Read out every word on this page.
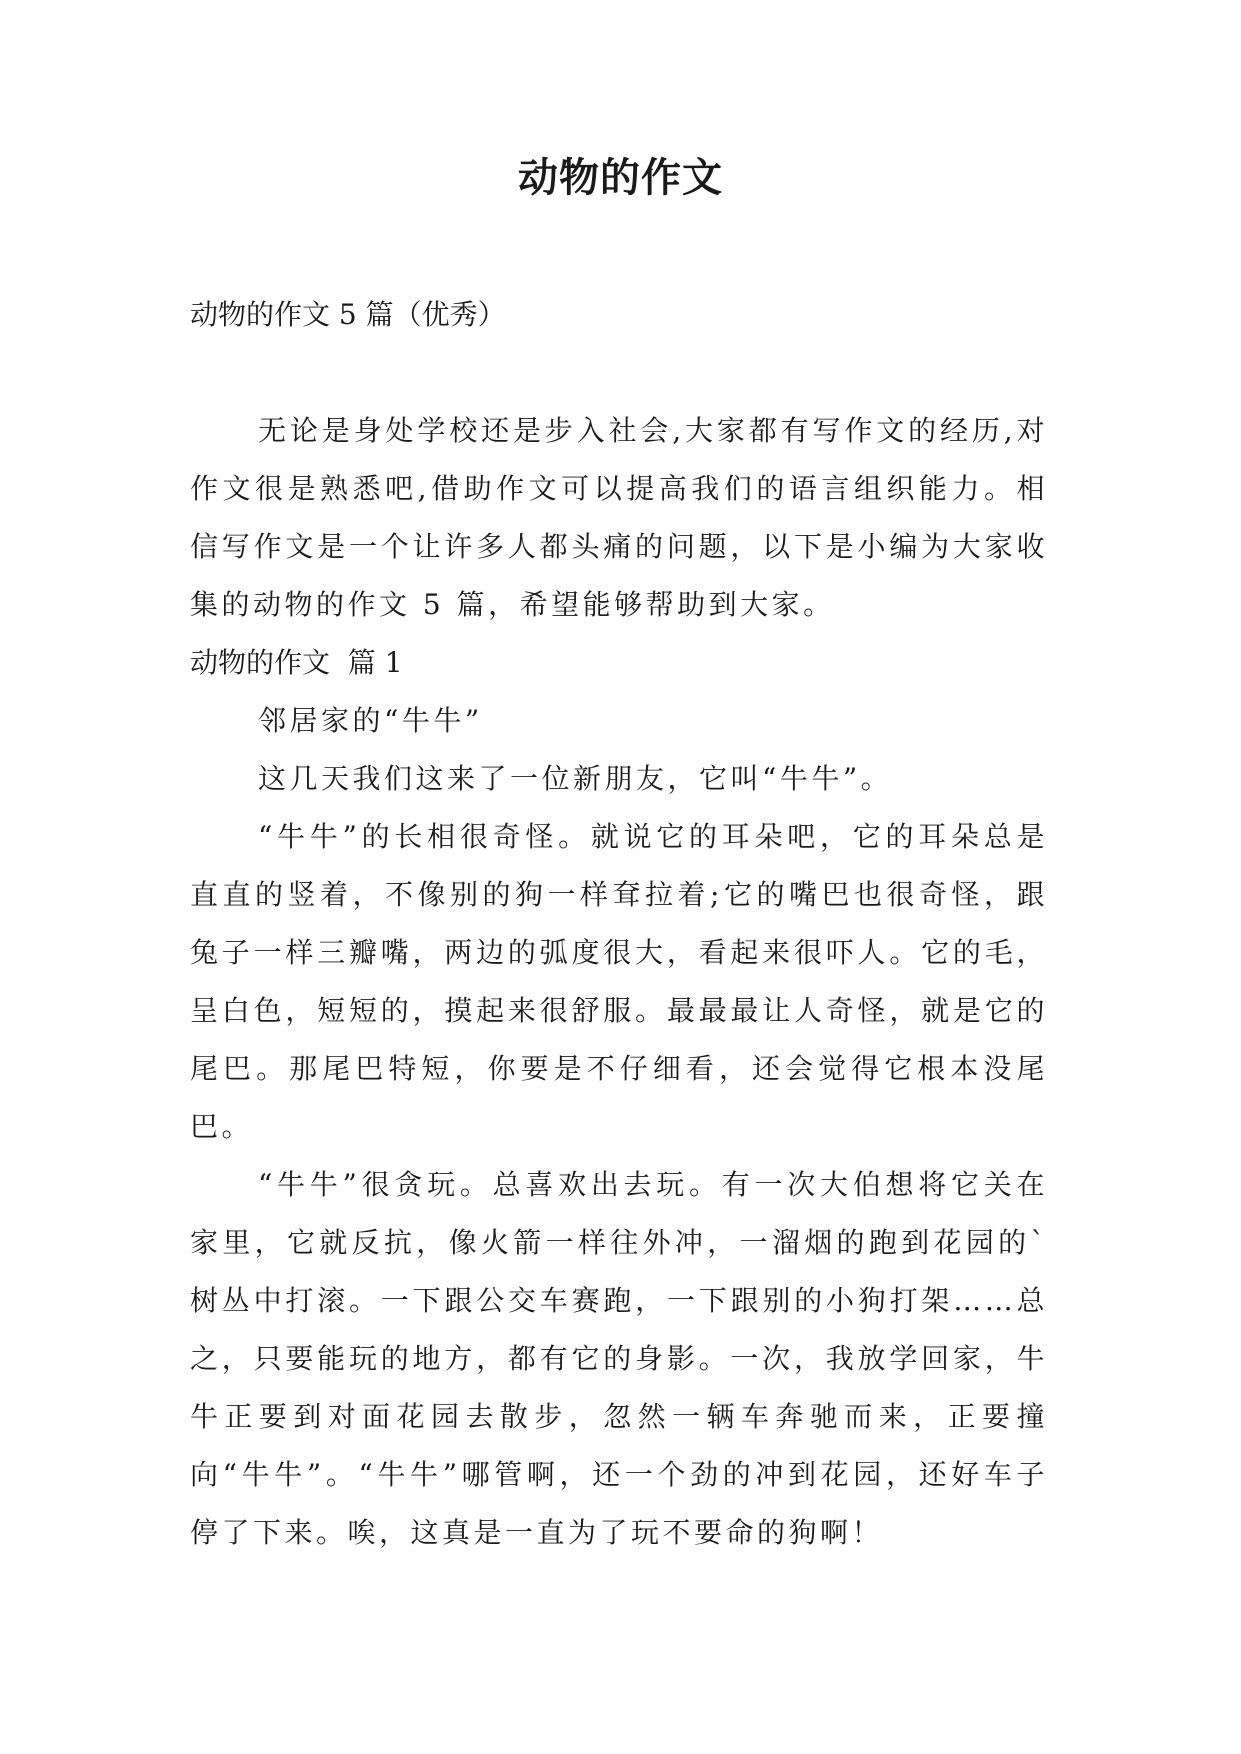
动物的作文

动物的作文 5 篇（优秀）

无论是身处学校还是步入社会,大家都有写作文的经历,对作文很是熟悉吧,借助作文可以提高我们的语言组织能力。相信写作文是一个让许多人都头痛的问题，以下是小编为大家收集的动物的作文 5 篇，希望能够帮助到大家。

动物的作文  篇 1

邻居家的“牛牛”

这几天我们这来了一位新朋友，它叫“牛牛”。

“牛牛”的长相很奇怪。就说它的耳朵吧，它的耳朵总是直直的竖着，不像别的狗一样耷拉着;它的嘴巴也很奇怪，跟兔子一样三瓣嘴，两边的弧度很大，看起来很吓人。它的毛，呈白色，短短的，摸起来很舒服。最最最让人奇怪，就是它的尾巴。那尾巴特短，你要是不仔细看，还会觉得它根本没尾巴。

“牛牛”很贪玩。总喜欢出去玩。有一次大伯想将它关在家里，它就反抗，像火箭一样往外冲，一溜烟的跑到花园的`树丛中打滚。一下跟公交车赛跑，一下跟别的小狗打架……总之，只要能玩的地方，都有它的身影。一次，我放学回家，牛牛正要到对面花园去散步，忽然一辆车奔驰而来，正要撞向“牛牛”。“牛牛”哪管啊，还一个劲的冲到花园，还好车子停了下来。唉，这真是一直为了玩不要命的狗啊！
